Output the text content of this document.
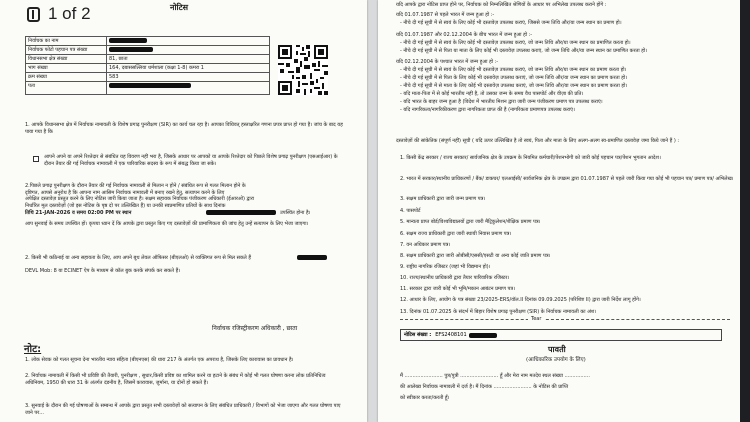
1 of 2	नोटिस
निर्वाचक का नाम	
निर्वाचक फोटो पहचान पत्र संख्या	
विधानसभा क्षेत्र संख्या	81, छाता
भाग संख्या	164, दबाससल्लिया धर्मशाला (कक्षा 1-8) कमरा 1
क्रम संख्या	583
पता	
1. आपके विधानसभा क्षेत्र में निर्वाचक नामावली के विशेष प्रगाढ़ पुनरीक्षण (SIR) का कार्य चल रहा है। आपका विधिवत् हस्ताक्षरित गणना प्रपत्र प्राप्त हो गया है। जांच के बाद यह पाया गया है कि
आपने अपने या अपने रिश्तेदार से संबंधित यह विवरण नहीं भरा है, जिसके आधार पर आपको या आपके रिश्तेदार को पिछले विशेष प्रगाढ़ पुनरीक्षण (एसआईआर) के दौरान तैयार की गई निर्वाचक नामावली में एक पारिवारिक सदस्य के रूप में संबद्ध किया जा सके।
2.पिछले प्रगाढ़ पुनरीक्षण के दौरान तैयार की गई निर्वाचक नामावली से मिलान न होने / संबंधित रूप से गलत मिलान होने के
दृष्टिगत, आपसे अनुरोध है कि आपना नाम आसिम निर्वाचक नामावली में बनाए रखने हेतु, सत्यापन करने के लिए
अपेक्षित दस्तावेज़ प्रस्तुत करने के लिए नोटिस जारी किया जाता है। सक्षम सहायक निर्वाचक पंजीकरण अधिकारी (ईआरओ) द्वारा
निर्धारित मूल दस्तावेज़ों (जो इस नोटिस के पृष्ठ दो पर उल्लिखित हैं) या उनकी स्वप्रमाणित प्रतियों के साथ दिनांक
तिथि 21-JAN-2026 व समय 02:00 PM पर स्थान	उपस्थित होना है।
आप सुनवाई के समय उपस्थित हों। कृपया ध्यान दें कि आपके द्वारा प्रस्तुत किए गए दस्तावेज़ों की प्रामाणिकता की जांच हेतु उन्हें सत्यापन के लिए भेजा जाएगा।
2. किसी भी कठिनाई या अन्य सहायता के लिए, आप अपने बूथ लेवल ऑफिसर (बीएलओ) से व्यक्तिगत रूप से मिल सकते हैं
DEVL Mob: 8 या ECINET ऐप के माध्यम से कॉल बुक करके संपर्क कर सकते हैं।
निर्वाचक रजिस्ट्रीकरण अधिकारी , छाता
नोट:
1. लोक सेवक को गलत सूचना देना भारतीय न्याय संहिता (बीएनएस) की धारा 217 के अंतर्गत एक अपराध है, जिसके लिए कारावास का प्रावधान है।
2. निर्वाचक नामावली में किसी भी प्रविष्टि की तैयारी, पुनरीक्षण , सुधार,किसी प्रविष्ट का शामिल करने या हटाने के संबंध में कोई भी गलत घोषणा करना लोक प्रतिनिधित्व अधिनियम, 1950 की धारा 31 के अंतर्गत दंडनीय है, जिसमें कारावास, जुर्माना, या दोनों हो सकते हैं।
3. सुनवाई के दौरान की गई घोषणाओं के सम्बन्ध में आपके द्वारा प्रस्तुत सभी दस्तावेज़ों को सत्यापन के लिए संबंधित प्राधिकारी / विभागों को भेजा जाएगा और गलत घोषणा पाए जाने पर...
यदि आपके द्वारा नोटिस प्राप्त होने पर, निर्वाचक को निम्नलिखित श्रेणियों के आधार पर अभिलेख उपलब्ध कराने होंगे :
यदि 01.07.1987 से पहले भारत में जन्म हुआ हो :-
- नीचे दी गई सूची में से स्वयं के लिए कोई भी दस्तावेज़ उपलब्ध कराएं, जिससे जन्म तिथि और/या जन्म स्थान का प्रमाण हो।
यदि 01.07.1987 और 02.12.2004 के बीच भारत में जन्म हुआ हो :-
- नीचे दी गई सूची में से स्वयं के लिए कोई भी दस्तावेज़ उपलब्ध कराएं, जो जन्म तिथि और/या जन्म स्थान का प्रमाणित करता हो।
- नीचे दी गई सूची में से पिता या माता के लिए कोई भी दस्तावेज़ उपलब्ध कराएं, जो जन्म तिथि और/या जन्म स्थान का प्रमाणित करता हो।
यदि 02.12.2004 के पश्चात भारत में जन्म हुआ हो :-
- नीचे दी गई सूची में से स्वयं के लिए कोई भी दस्तावेज़ उपलब्ध कराएं, जो जन्म तिथि और/या जन्म स्थान का प्रमाण करता हो।
- नीचे दी गई सूची में से पिता के लिए कोई भी दस्तावेज़ उपलब्ध कराएं, जो जन्म तिथि और/या जन्म स्थान का प्रमाण करता हो।
- नीचे दी गई सूची में से माता के लिए कोई भी दस्तावेज़ उपलब्ध कराएं, जो जन्म तिथि और/या जन्म स्थान का प्रमाण करता हो।
- यदि माता-पिता में से कोई भारतीय नहीं है, तो उसका जन्म के समय वैध पासपोर्ट और वीज़ा की प्रति।
- यदि भारत के बाहर जन्म हुआ है (विदेश में भारतीय मिशन द्वारा जारी जन्म पंजीकरण प्रमाण पत्र उपलब्ध कराएं।
- यदि नागरिकता/नागरिकीकरण द्वारा नागरिकता प्राप्त की है (नागरिकता प्रमाणपत्र उपलब्ध कराएं।
दस्तावेज़ों की सांकेतिक (संपूर्ण नहीं) सूची ( यदि ऊपर उल्लिखित है तो स्वयं, पिता और माता के लिए अलग-अलग स्व-प्रमाणित दस्तावेज़ जमा किये जाने हैं ) :
1. किसी केंद्र सरकार / राज्य सरकार/ सार्वजनिक क्षेत्र के उपक्रम के नियमित कर्मचारी/पेंशनभोगी को जारी कोई पहचान पत्र/पेंशन भुगतान आदेश।
2. भारत में सरकार/स्थानीय प्राधिकरणों / बैंक/ डाकघर/ एलआईसी/ सार्वजनिक क्षेत्र के उपक्रम द्वारा 01.07.1987 से पहले जारी किया गया कोई भी पहचान पत्र/ प्रमाण पत्र/ अभिलेख।
3. सक्षम प्राधिकारी द्वारा जारी जन्म प्रमाण पत्र।
4. पासपोर्ट
5. मान्यता प्राप्त बोर्ड/विश्वविद्यालयों द्वारा जारी मैट्रिकुलेशन/शैक्षिक प्रमाण पत्र।
6. सक्षम राज्य प्राधिकारी द्वारा जारी स्थायी निवास प्रमाण पत्र।
7. वन अधिकार प्रमाण पत्र।
8. सक्षम प्राधिकारी द्वारा जारी ओबीसी/एससी/एसटी या अन्य कोई जाति प्रमाण पत्र।
9. राष्ट्रीय नागरिक रजिस्टर (जहां भी विद्यमान हो)।
10. राज्य/स्थानीय प्राधिकारी द्वारा तैयार पारिवारिक रजिस्टर।
11. सरकार द्वारा जारी कोई भी भूमि/मकान आबंटन प्रमाण पत्र।
12. आधार के लिए, आयोग के पत्र संख्या 23/2025-ERS/वॉल.II दिनांक 09.09.2025 (परिशिष्ट II) द्वारा जारी निर्देश लागू होंगे।
13. दिनांक 01.07.2025 के संदर्भ में बिहार विशेष प्रगाढ़ पुनरीक्षण (SIR) के निर्वाचक नामावली का अंश।
Tear
नोटिस संख्या : EFS2408101
पावती
(आधिकारिक उपयोग के लिए)
मैं ........................ पुत्र/पुत्री ........................ हूँ और मेरा नाम मतदेय स्थल संख्या ................
की आलेख्य निर्वाचक नामावली में दर्ज है। मैं दिनांक ........................ के नोटिस की प्राप्ति
को स्वीकार करता/करती हूँ।
